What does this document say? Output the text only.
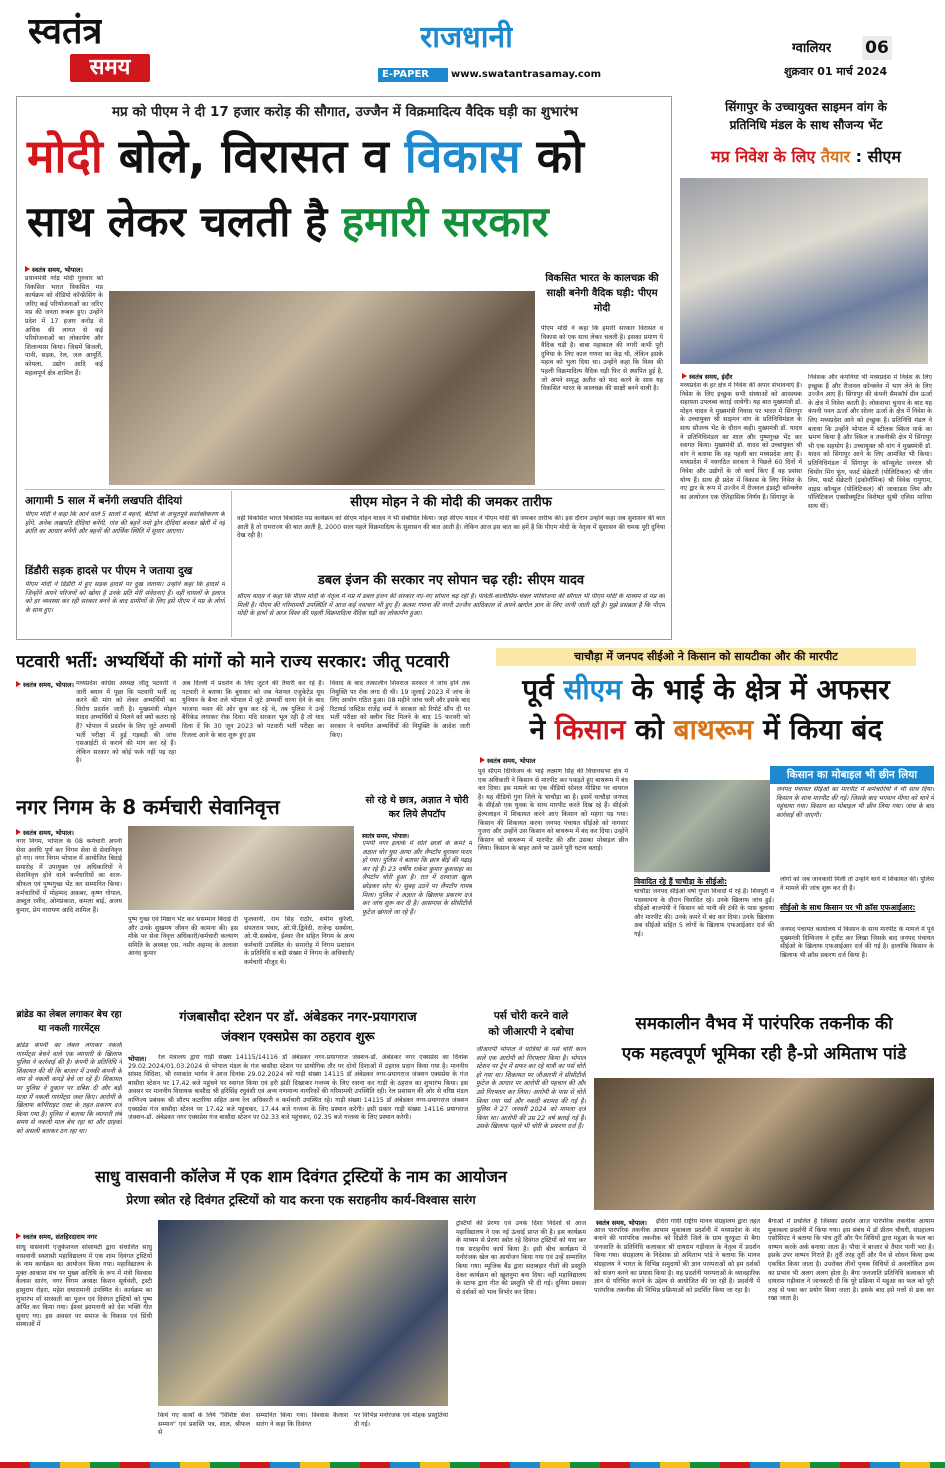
स्वतंत्र
समय
राजधानी
E-PAPER	www.swatantrasamay.com
ग्वालियर 06
शुक्रवार 01 मार्च 2024
मप्र को पीएम ने दी 17 हजार करोड़ की सौगात, उज्जैन में विक्रमादित्य वैदिक घड़ी का शुभारंभ
मोदी बोले, विरासत व विकास को
साथ लेकर चलती है हमारी सरकार
स्वतंत्र समय, भोपाल।
प्रधानमंत्री नरेंद्र मोदी गुरुवार को विकसित भारत विकसित मप्र कार्यक्रम को वीडियो कॉन्फ्रेंसिंग के जरिए कई परियोजनाओं का जरिए मप्र की जनता रूबरू हुए। उन्होंने प्रदेश में 17 हजार करोड़ से अधिक की लागत से कई परियोजनाओं का लोकार्पण और शिलान्यास किया। जिसमें बिजली, पानी, सड़क, रेल, जल आपूर्ति, कोयला, उद्योग आदि कई महत्वपूर्ण क्षेत्र शामिल हैं।
विकसित भारत के कालचक्र की साक्षी बनेगी वैदिक घड़ी: पीएम मोदी
पीएम मोदी ने कहा कि हमारी सरकार विरासत व विकास को एक साथ लेकर चलती है। इसका प्रमाण ये वैदिक घड़ी है। बाबा महाकाल की नगरी कभी पूरी दुनिया के लिए काल गणना का केंद्र थी, लेकिन इसके महत्व को भुला दिया था। उन्होंने कहा कि विश्व की पहली विक्रमादित्य वैदिक घड़ी फिर से स्थापित हुई है, जो अपने समृद्ध अतीत को याद करने के साथ यह विकसित भारत के कालचक्र की साक्षी बनने वाली है।
आगामी 5 साल में बनेंगी लखपति दीदियां
पीएम मोदी ने कहा कि आने वाले 5 सालों में बहनों, बेटियों के अभूतपूर्व सशक्तिकरण के होंगे, अनेक लखपति दीदियां बनेंगी, गांव की बहनें नमो ड्रोन दीदियां बनकर खेती में नई क्रांति का आधार बनेंगी और बहनों की आर्थिक स्थिति में सुधार आएगा।
डिंडौरी सड़क हादसे पर पीएम ने जताया दुख
पीएम मोदी ने डिंडौरी में हुए सड़क हादसे पर दुख जताया। उन्होंने कहा कि हादसे में जिन्होंने अपने परिजनों को खोया है उनके प्रति मेरी संवेदनाएं हैं। वहीं घायलों के इलाज को हर व्यवस्था कर रही सरकार बनने के बाद ग्रामीणों के लिए इसे पीएम ने मप्र के लोगों के साथ हुए।
सीएम मोहन ने की मोदी की जमकर तारीफ
वहीं विकसित भारत विकसित मप्र कार्यक्रम को सीएम मोहन यादव ने भी संबोधित किया। जहां सीएम यादव ने पीएम मोदी की जमकर तारीफ की। इस दौरान उन्होंने कहा जब सुशासन की बात आती है तो रामराज्य की बात आती है, 2000 साल पहले विक्रमादित्य के सुशासन की बात आती है। लेकिन आज इस बात का हमें है कि पीएम मोदी के नेतृत्व में सुशासन की धमक पूरी दुनिया देख रही है।
डबल इंजन की सरकार नए सोपान चढ़ रही: सीएम यादव
सीएम यादव ने कहा कि पीएम मोदी के नेतृत्व में मप्र में डबल इंजन की सरकार नए-नए सोपान चढ़ रही है। पार्वती-कालीसिंध-चंबल परियोजना की सौगात भी पीएम मोदी के माध्यम से मप्र को मिली है। पीएम की गरिमामयी उपस्थिति में आज कई नवाचार भी हुए हैं। कलश गणना की नगरी उज्जैन आदिकाल से अपने खगोल ज्ञान के लिए जानी जाती रही है। मुझे प्रसन्नता है कि पीएम मोदी के हाथों से आज विश्व की पहली विक्रमादित्य वैदिक घड़ी का लोकार्पण हुआ।
सिंगापुर के उच्चायुक्त साइमन वांग के
प्रतिनिधि मंडल के साथ सौजन्य भेंट
मप्र निवेश के लिए तैयार : सीएम
स्वतंत्र समय, इंदौर
मध्यप्रदेश के हर क्षेत्र में निवेश की अपार संभावनाएं हैं। निवेश के लिए इच्छुक सभी संस्थाओं को आवश्यक सहायता उपलब्ध कराई जायेगी। यह बात मुख्यमंत्री डॉ. मोहन यादव ने मुख्यमंत्री निवास पर भारत में सिंगापुर के उच्चायुक्त श्री साइमन वांग के प्रतिनिधिमंडल के साथ सौजन्य भेंट के दौरान कही। मुख्यमंत्री डॉ. यादव ने प्रतिनिधिमंडल का शाल और पुष्पगुच्छ भेंट कर स्वागत किया। मुख्यमंत्री डॉ. यादव को उच्चायुक्त श्री वांग ने बताया कि वह पहली बार मध्यप्रदेश आए हैं। मध्यप्रदेश में नवगठित सरकार ने पिछले 60 दिनों में निवेश और उद्योगों के जो कार्य किए हैं वह प्रशंसा योग्य हैं। साथ ही प्रदेश में विकास के लिए निवेश के नए द्वार के रूप में उज्जैन में रीजनल इंडस्ट्री कॉन्क्लेव का आयोजन एक ऐतिहासिक निर्णय है। सिंगापुर के
निवेशक और कंपनियां भी मध्यप्रदेश में निवेश के लिए इच्छुक हैं और रीजनल कॉन्क्लेव में भाग लेने के लिए उज्जैन आए हैं। सिंगापुर की कंपनी सैमकॉर्प ग्रीन ऊर्जा के क्षेत्र में निवेश करती है। लोकसभा चुनाव के बाद यह कंपनी पवन ऊर्जा और सोलर ऊर्जा के क्षेत्र में निवेश के लिए मध्यप्रदेश आने को इच्छुक है। प्रतिनिधि मंडल ने बताया कि उन्होंने भोपाल में स्टीलक स्किल पार्क का भ्रमण किया है और स्किल व तकनीकी क्षेत्र में सिंगापुर भी एक सहयोग है। उच्चायुक्त श्री वांग ने मुख्यमंत्री डॉ. यादव को सिंगापुर आने के लिए आमंत्रित भी किया। प्रतिनिधिमंडल में सिंगापुर के कॉन्सुलेट जनरल श्री चियोंग मिंग फूंग, फर्स्ट सेक्रेटरी (पोलिटिकल) श्री जीन लिम, फर्स्ट सेक्रेटरी (इकोनॉमिक) श्री विवेक रामुगाम, वाइस कॉन्सुल (पोलिटिकल) श्री जाकाडस लिम और पॉलिटिकल एक्सीक्यूटिव विशेषज्ञ सुश्री एलिस मारिया साथ थीं।
पटवारी भर्ती: अभ्यर्थियों की मांगों को माने राज्य सरकार: जीतू पटवारी
स्वतंत्र समय, भोपाल। मध्यप्रदेश कांग्रेस अध्यक्ष जीतू पटवारी ने जारी बयान में पूछा कि पटवारी भर्ती रद्द करने की मांग को लेकर अभ्यर्थियों का विरोध प्रदर्शन जारी है। मुख्यमंत्री मोहन यादव अभ्यर्थियों से मिलने को क्यों कतरा रहे हैं? भोपाल में प्रदर्शन के लिए जुटे अभ्यर्थी भर्ती परीक्षा में हुई गड़बड़ी की जांच एसआईटी से कराने की मांग कर रहे हैं। लेकिन सरकार को कोई फर्क नहीं पड़ रहा है।
अब दिल्ली में प्रदर्शन के लिए जुटने की तैयारी कर रहे हैं। पटवारी ने बताया कि बुधवार को जब नेशनल एजुकेटेड यूथ यूनियन के बैनर तले भोपाल में जुटे अभ्यर्थी धरना देने के बाद भाजपा भवन की ओर कूच कर रहे थे, तब पुलिस ने उन्हें बैरिकेड लगाकर रोक दिया। यदि सरकार भूल रही है तो याद दिला दें कि 30 जून 2023 को पटवारी भर्ती परीक्षा का रिजल्ट आने के बाद शुरू हुए इस
विवाद के बाद तत्कालीन शिवराज सरकार ने जांच होने तक नियुक्ति पर रोक लगा दी थी। 19 जुलाई 2023 में जांच के लिए आयोग गठित हुआ। 08 महीने जांच चली और इसके बाद रिटायर्ड जस्टिस राजेंद्र वर्मा ने सरकार को रिपोर्ट सौंप दी पर भर्ती परीक्षा को क्लीन चिट मिलने के बाद 15 फरवरी को सरकार ने चयनित अभ्यर्थियों की नियुक्ति के आदेश जारी किए।
चाचौड़ा में जनपद सीईओ ने किसान को सायटीका और की मारपीट
पूर्व सीएम के भाई के क्षेत्र में अफसर
ने किसान को बाथरूम में किया बंद
स्वतंत्र समय, भोपाल
पूर्व सीएम दिग्विजय के भाई लक्ष्मण सिंह की विधानसभा क्षेत्र में एक अधिकारी ने किसान से मारपीट कर पकड़ते हुए बाथरूम में बंद कर दिया। इस मामले का एक वीडियो सोशल मीडिया पर वायरल है। यह वीडियो गुना जिले के चाचौड़ा का है। इसमें चाचौड़ा जनपद के सीईओ एक युवक के साथ मारपीट करते दिख रहे हैं। सीईओ हेल्पलाइन में शिकायत करने आए किसान को महंगा पड़ गया। किसान की शिकायत करना जनपद पंचायत सीईओ को नागवार गुजरा और उन्होंने उस किसान को बाथरूम में बंद कर दिया। उन्होंने किसान को बाथरूम में मारपीट की और उसका मोबाइल छीन लिया। किसान के बाहर आने पर उसने पूरी घटना बताई।
किसान का मोबाइल भी छीन लिया
जनपद पंचायत सीईओ का मारपीट में कर्मचारियों ने भी साथ दिया। किसान के साथ मारपीट की गई। जिसके बाद भगवान मीणा को थाने में पहुंचाया गया। किसान का मोबाइल भी छीन लिया गया। जांच के बाद कार्रवाई की जाएगी।
विवादित रहे हैं चाचौड़ा के सीईओ:
चाचौड़ा जनपद सीईओ वर्षा गुप्ता विवादों में रहे हैं। शिवपुरी में पदस्थापना के दौरान विवादित रहे। उनके खिलाफ जांच हुई। सीईओ बाजपेयी ने किसान को पानी की टंकी के पास बुलाया और मारपीट की। उनके कमरे में बंद कर दिया। उनके खिलाफ अब सीईओ सहित 5 लोगों के खिलाफ एफआईआर दर्ज की गई।
लोगों को जब जानकारी मिली तो उन्होंने थाने में शिकायत की। पुलिस ने मामले की जांच शुरू कर दी है।
सीईओ के साथ किसान पर भी क्रॉस एफआईआर:
जनपद पंचायत कार्यालय में किसान के साथ मारपीट के मामले में पूर्व मुख्यमंत्री दिग्विजय ने ट्वीट कर लिखा जिसके बाद जनपद पंचायत सीईओ के खिलाफ एफआईआर दर्ज की गई है। हालांकि किसान के खिलाफ भी क्रॉस प्रकरण दर्ज किया है।
नगर निगम के 8 कर्मचारी सेवानिवृत्त
स्वतंत्र समय, भोपाल।
नगर निगम, भोपाल के 08 कर्मचारी अपनी सेवा अवधि पूर्ण कर निगम सेवा से सेवानिवृत्त हो गए। नगर निगम भोपाल में आयोजित बिदाई समारोह में उपायुक्त एवं अधिकारियों ने सेवानिवृत्त होने वाले कर्मचारियों का शाल-श्रीफल एवं पुष्पगुच्छ भेंट कर सम्मानित किया। कर्मचारियों में मोहम्मद अकबर, कृष्ण गोपाल, अब्दुल रशीद, ओमप्रकाश, कमला बाई, अजय कुमार, प्रेम नारायण आदि शामिल हैं।
पुष्प गुच्छ एवं मिष्ठान भेंट कर ससम्मान बिदाई दी और उनके सुखमय जीवन की कामना की। इस मौके पर सेवा निवृत्त अधिकारी/कर्मचारी कल्याण समिति के अध्यक्ष एस. नसीर अहमद के अलावा आनंद कुमार
फूलवानी, राम सिंह राठौर, शमीम कुरैशी, संपतराव पवार, ओ.पी.द्विवेदी, राजेन्द्र सक्सेना, ओ.पी.सक्सेना, ईश्वर जैन सहित निगम के अन्य कर्मचारी उपस्थित थे। समारोह में निगम प्रशासन के प्रतिनिधि व बड़ी संख्या में निगम के अधिकारी/कर्मचारी मौजूद थे।
सो रहे थे छात्र, अज्ञात ने चोरी कर लिये लैपटॉप
स्वतंत्र समय, भोपाल।
एमपी नगर इलाके में सोते छात्रों के कमरे में अज्ञात चोर घुस आया और लैपटॉप चुराकर फरार हो गया। पुलिस ने बताया कि छात्र बीई की पढ़ाई कर रहे हैं। 23 वर्षीय राकेश कुमार कुशवाहा का लैपटॉप चोरी हुआ है। रात में दरवाजा खुला छोड़कर सोए थे। सुबह उठने पर लैपटॉप गायब मिला। पुलिस ने अज्ञात के खिलाफ प्रकरण दर्ज कर जांच शुरू कर दी है। आसपास के सीसीटीवी फुटेज खंगाले जा रहे हैं।
गंजबासौदा स्टेशन पर डॉ. अंबेडकर नगर-प्रयागराज
जंक्शन एक्सप्रेस का ठहराव शुरू
भोपाल।	रेल मंत्रालय द्वारा गाड़ी संख्या 14115/14116 डॉ अंबेडकर नगर-प्रयागराज जंक्शन-डॉ. अंबेडकर नगर एक्सप्रेस का दिनांक 29.02.2024/01.03.2024 से भोपाल मंडल के गंज बासौदा स्टेशन पर प्रायोगिक तौर पर दोनों दिशाओं में ठहराव प्रदान किया गया है। माननीय सांसद विदिशा, श्री रमाकांत भार्गव ने आज दिनांक 29.02.2024 को गाड़ी संख्या 14115 डॉ अंबेडकर नगर-प्रयागराज जंक्शन एक्सप्रेस के गंज बासौदा स्टेशन पर 17.42 बजे पहुंचने पर स्वागत किया एवं हरी झंडी दिखाकर गन्तव्य के लिए रवाना कर गाड़ी के ठहराव का शुभारंभ किया। इस अवसर पर माननीय विधायक बासौदा श्री हरिसिंह रघुवंशी एवं अन्य गणमान्य नागरिकों की गरिमामयी उपस्थिति रही। रेल प्रशासन की ओर से वरिष्ठ मंडल वाणिज्य प्रबंधक श्री सौरभ कटारिया सहित अन्य रेल अधिकारी व कर्मचारी उपस्थित रहे। गाड़ी संख्या 14115 डॉ अंबेडकर नगर-प्रयागराज जंक्शन एक्सप्रेस गंज बासौदा स्टेशन पर 17.42 बजे पहुंचकर, 17.44 बजे गन्तव्य के लिए प्रस्थान करेगी। इसी प्रकार गाड़ी संख्या 14116 प्रयागराज जंक्शन-डॉ. अंबेडकर नगर एक्सप्रेस गंज बासौदा स्टेशन पर 02.33 बजे पहुंचकर, 02.35 बजे गन्तव्य के लिए प्रस्थान करेगी।
ब्रांडेड का लेबल लगाकर बेच रहा था नकली गारमेंट्स
ब्रांडेड कंपनी का लेबल लगाकर नकली गारमेंट्स बेचने वाले एक व्यापारी के खिलाफ पुलिस ने कार्रवाई की है। कंपनी के प्रतिनिधि ने शिकायत की थी कि बाजार में उनकी कंपनी के नाम से नकली कपड़े बेचे जा रहे हैं। शिकायत पर पुलिस ने दुकान पर दबिश दी और बड़ी मात्रा में नकली गारमेंट्स जब्त किए। आरोपी के खिलाफ कॉपीराइट एक्ट के तहत प्रकरण दर्ज किया गया है। पुलिस ने बताया कि व्यापारी लंबे समय से नकली माल बेच रहा था और ग्राहकों को असली बताकर ठग रहा था।
पर्स चोरी करने वाले
को जीआरपी ने दबोचा
जीआरपी भोपाल ने यात्रियों के पर्स चोरी करने वाले एक आरोपी को गिरफ्तार किया है। भोपाल स्टेशन पर ट्रेन में सफर कर रहे यात्री का पर्स चोरी हो गया था। शिकायत पर जीआरपी ने सीसीटीवी फुटेज के आधार पर आरोपी की पहचान की और उसे गिरफ्तार कर लिया। आरोपी के पास से चोरी किया गया पर्स और नकदी बरामद की गई है। पुलिस ने 27 जनवरी 2024 को मामला दर्ज किया था। आरोपी की उम्र 22 वर्ष बताई गई है। उसके खिलाफ पहले भी चोरी के प्रकरण दर्ज हैं।
समकालीन वैभव में पारंपरिक तकनीक की
एक महत्वपूर्ण भूमिका रही है-प्रो अमिताभ पांडे
स्वतंत्र समय, भोपाल।	इंदिरा गांधी राष्ट्रीय मानव संग्रहालय द्वारा तहत आज पारंपरिक तकनीक आयाम मुकाबला प्रदर्शनी में मध्यप्रदेश के मंद बनाने की पारंपरिक तकनीक को दिंडोरी जिले के ग्राम धुरकुटा से बैगा जनजाति के प्रतिनिधि कलाकार श्री दायराम गड़ीवाल के नेतृत्व में प्रदर्शन किया गया। संग्रहालय के निदेशक प्रो अमिताभ पांडे ने बताया कि मानव संग्रहालय ने भारत के विभिन्न समुदायों की ज्ञान परम्पराओं को हम दर्शकों को सजग करने का प्रयास किया है। यह प्रदर्शनी परम्पराओं के व्यावहारिक ज्ञान से परिचित कराने के उद्देश्य से आयोजित की जा रही है। प्रदर्शनी में पारंपरिक तकनीक की विभिन्न प्रक्रियाओं को प्रदर्शित किया जा रहा है।
बैगाओं में प्रचलित है जिसका प्रदर्शन आज पारंपरिक तकनीक आयाम मुकाबला प्रदर्शनी में किया गया। इस संबंध में डॉ प्रीतम चौधरी, संग्रहालय एसोसिएट ने बताया कि पांच तुर्री और पैन विधियों द्वारा महुआ के फल का वाष्पन करके अर्क बनाया जाता है। पौधा ने बाजार से तैयार पानी भरा है। इसके उपर वाष्पन गिराते हैं। तुर्री तरह तुर्री और पैन से शोधन किया द्रव्य एकत्रित किया जाता है। उपरोक्त तीनों पृथक विधियों से अवलोकित द्रव्य का प्रभाव भी अलग अलग होता है। बैगा जनजाति प्रतिनिधि कलाकार श्री दायराम गड़ीवाल ने जानकारी दी कि पूरे प्रक्रिया में महुआ का फल को पूरी तरह से पका कर प्रयोग किया जाता है। इसके बाद इसे पत्तों से ढक कर रखा जाता है।
साधु वासवानी कॉलेज में एक शाम दिवंगत ट्रस्टियों के नाम का आयोजन
प्रेरणा स्त्रोत रहे दिवंगत ट्रस्टियों को याद करना एक सराहनीय कार्य-विश्वास सारंग
स्वतंत्र समय, संतहिरदाराम नगर
साधु वासवानी एजुकेशनल सोसायटी द्वारा संचालित साधु वासवानी स्वशासी महाविद्यालय में एक शाम दिवंगत ट्रस्टियों के नाम कार्यक्रम का आयोजन किया गया। महाविद्यालय के मुक्त आकाश मंच पर मुख्य अतिथि के रूप में मंत्री विश्वास कैलाश सारंग, नगर निगम अध्यक्ष किशन सूर्यवंशी, ट्रस्टी हासुराम रोहरा, महेश दयारामानी उपस्थित थे। कार्यक्रम का शुभारंभ माँ सरस्वती का पूजन एवं दिवंगत ट्रस्टियों को पुष्प अर्पित कर किया गया। ईश्वर झामनानी को देश भक्ति गीत सुनाए गए। इस अवसर पर समाज के विकास एवं सिंधी संस्थाओं में
ट्रस्टियों की प्रेरणा एवं उनके दिशा निर्देशों से आज महाविद्यालय ने एक नई ऊंचाई प्राप्त की है। इस कार्यक्रम के माध्यम से प्रेरणा स्त्रोत रहे दिवंगत ट्रस्टियों को याद कर एक सराहनीय कार्य किया है। इसी बीच कार्यक्रम में मनोरंजक खेल का आयोजन किया गया एवं उन्हें सम्मानित किया गया। म्यूजिक बैंड द्वारा सदाबहार गीतों की प्रस्तुति देकर कार्यक्रम को खुशनुमा बना दिया। वहीं महाविद्यालय के स्टाफ द्वारा गीत की प्रस्तुति भी दी गई। दुनिया प्रकाश से दर्शकों को भाव विभोर कर दिया।
किये गए कार्यों के लिये "विशिष्ट सेवा सम्मान" एवं प्रशस्ति पत्र, शाल, श्रीफल से
सम्मानित किया गया। विश्वास कैलाश सारंग ने कहा कि दिवंगत
पर विभिन्न मनोरंजक एवं मोहक प्रस्तुतियां दी गई।
